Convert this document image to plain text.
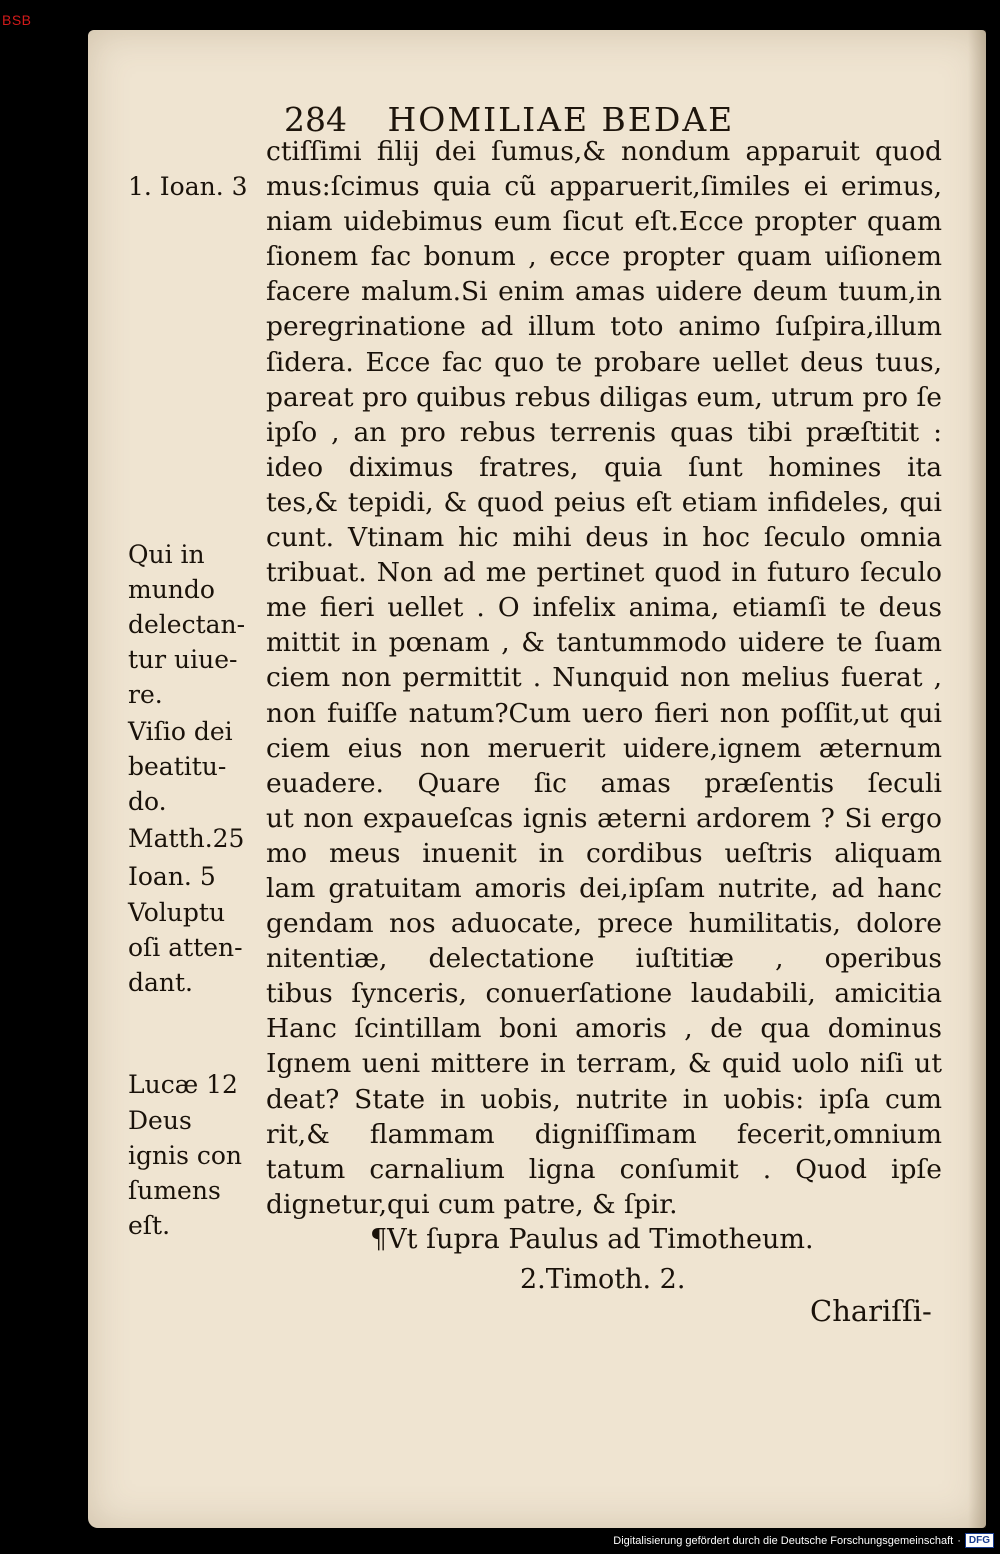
BSB
284 HOMILIAE BEDAE
1. Ioan. 3
Qui in
mundo
delectan-
tur uiue-
re.
Viſio dei
beatitu-
do.
Matth.25
Ioan. 5
Voluptu
oſi atten-
dant.
Lucæ 12
Deus
ignis con
ſumens
eſt.
ctiſſimi filij dei ſumus,& nondum apparuit quod
mus:ſcimus quia cũ apparuerit,ſimiles ei erimus,
niam uidebimus eum ſicut eſt.Ecce propter quam
ſionem fac bonum , ecce propter quam uiſionem
facere malum.Si enim amas uidere deum tuum,in
peregrinatione ad illum toto animo ſuſpira,illum
ſidera. Ecce fac quo te probare uellet deus tuus,
pareat pro quibus rebus diligas eum, utrum pro ſe
ipſo , an pro rebus terrenis quas tibi præſtitit :
ideo diximus fratres, quia ſunt homines ita
tes,& tepidi, & quod peius eſt etiam infideles, qui
cunt. Vtinam hic mihi deus in hoc ſeculo omnia
tribuat. Non ad me pertinet quod in futuro ſeculo
me fieri uellet . O infelix anima, etiamſi te deus
mittit in pœnam , & tantummodo uidere te ſuam
ciem non permittit . Nunquid non melius fuerat ,
non fuiſſe natum?Cum uero fieri non poſſit,ut qui
ciem eius non meruerit uidere,ignem æternum
euadere. Quare ſic amas præſentis ſeculi
ut non expaueſcas ignis æterni ardorem ? Si ergo
mo meus inuenit in cordibus ueſtris aliquam
lam gratuitam amoris dei,ipſam nutrite, ad hanc
gendam nos aduocate, prece humilitatis, dolore
nitentiæ, delectatione iuſtitiæ , operibus
tibus ſynceris, conuerſatione laudabili, amicitia
Hanc ſcintillam boni amoris , de qua dominus
Ignem ueni mittere in terram, & quid uolo niſi ut
deat? State in uobis, nutrite in uobis: ipſa cum
rit,& flammam digniſſimam fecerit,omnium
tatum carnalium ligna conſumit . Quod ipſe
dignetur,qui cum patre, & ſpir.
¶Vt ſupra Paulus ad Timotheum.
2.Timoth. 2.
Chariſſi-
Digitalisierung gefördert durch die Deutsche Forschungsgemeinschaft · DFG
